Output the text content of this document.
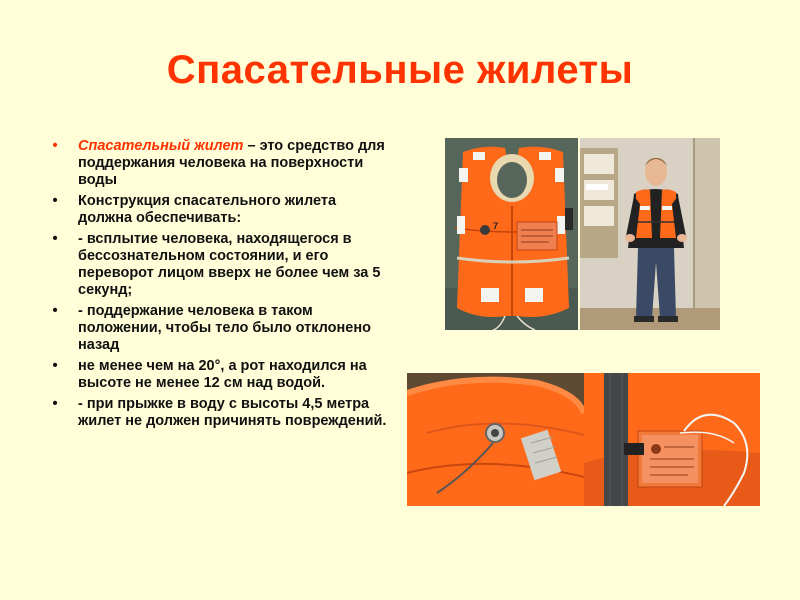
Спасательные жилеты
•	Спасательный жилет – это средство для поддержания человека на поверхности воды
•	Конструкция спасательного жилета должна обеспечивать:
•	- всплытие человека, находящегося в бессознательном состоянии, и его переворот лицом вверх не более чем за 5 секунд;
•	- поддержание человека в таком положении, чтобы тело было отклонено назад
•	не менее чем на 20°, а рот находился на высоте не менее 12 см над водой.
•	- при прыжке в воду с высоты 4,5 метра жилет не должен причинять повреждений.
7
